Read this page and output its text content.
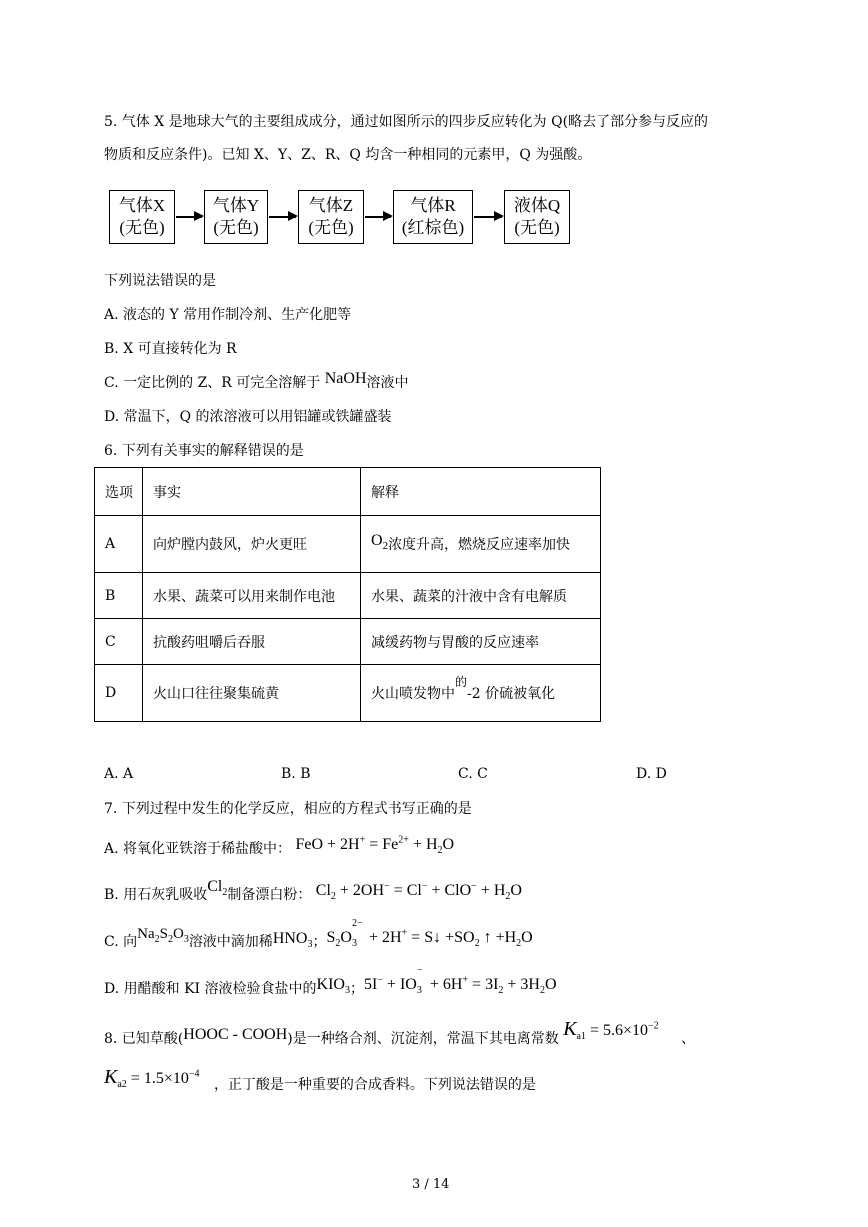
5. 气体 X 是地球大气的主要组成成分，通过如图所示的四步反应转化为 Q(略去了部分参与反应的
物质和反应条件)。已知 X、Y、Z、R、Q 均含一种相同的元素甲，Q 为强酸。
气体X
(无色)
气体Y
(无色)
气体Z
(无色)
气体R
(红棕色)
液体Q
(无色)
下列说法错误的是
A. 液态的 Y 常用作制冷剂、生产化肥等
B. X 可直接转化为 R
C. 一定比例的 Z、R 可完全溶解于 NaOH溶液中
D. 常温下，Q 的浓溶液可以用铝罐或铁罐盛装
6. 下列有关事实的解释错误的是
选项	事实	解释
A	向炉膛内鼓风，炉火更旺	$O_2$浓度升高，燃烧反应速率加快
B	水果、蔬菜可以用来制作电池	水果、蔬菜的汁液中含有电解质
C	抗酸药咀嚼后吞服	减缓药物与胃酸的反应速率
D	火山口往往聚集硫黄	火山喷发物中$^的$-2 价硫被氧化
A. A	B. B	C. C	D. D
7. 下列过程中发生的化学反应，相应的方程式书写正确的是
A. 将氧化亚铁溶于稀盐酸中： FeO + $2H^+ = Fe^{2+} + H_2O$
B. 用石灰乳吸收$Cl_2$制备漂白粉： $Cl_2 + 2OH^- = Cl^- + ClO^- + H_2O$
C. 向$Na_2S_2O_3$溶液中滴加稀$HNO_3$；$S_2O$
$_{2- 3}$   + 2H+ = S↓ $+SO_2$ ↑ $+H_2O$
D. 用醋酸和 KI 溶液检验食盐中的$KIO_3$；5I− + IO
$_{- 3} + 6H^+ = 3I_2 + 3H_2O$
8. 已知草酸(HOOC - COOH)是一种络合剂、沉淀剂，常温下其电离常数 $K_{a1} = 5.6\times 10^{-2}$ 、
$K_{a2} = 1.5\times 10^{-4}$ ，正丁酸是一种重要的合成香料。下列说法错误的是
3 / 14
